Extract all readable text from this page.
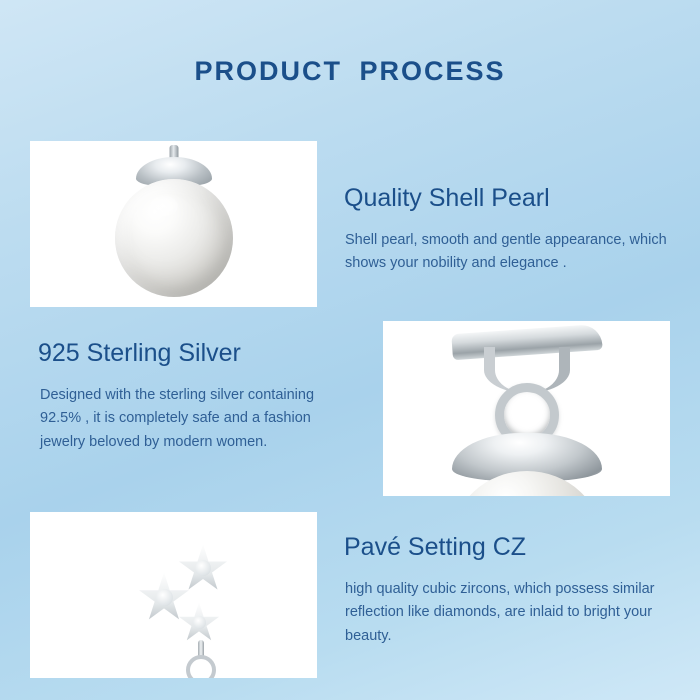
PRODUCT PROCESS
Quality Shell Pearl
Shell pearl, smooth and gentle appearance, which shows your nobility and elegance .
925 Sterling Silver
Designed with the sterling silver containing 92.5% , it is completely safe and a fashion jewelry beloved by modern women.
Pavé Setting CZ
high quality cubic zircons, which possess similar reflection like diamonds, are inlaid to bright your beauty.
